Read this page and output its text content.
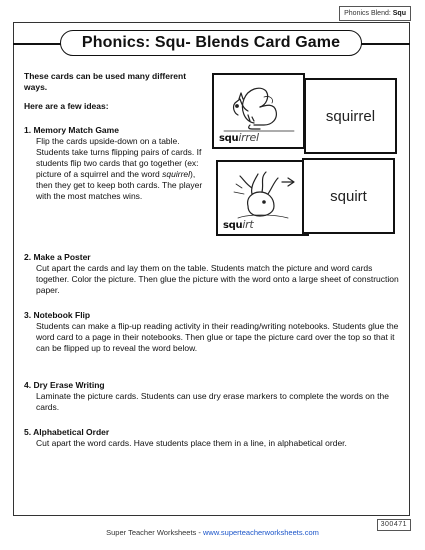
Phonics Blend: Squ
Phonics: Squ- Blends Card Game
These cards can be used many different ways.
Here are a few ideas:
1. Memory Match Game
Flip the cards upside-down on a table. Students take turns flipping pairs of cards. If students flip two cards that go together (ex: picture of a squirrel and the word squirrel), then they get to keep both cards. The player with the most matches wins.
2. Make a Poster
Cut apart the cards and lay them on the table. Students match the picture and word cards together. Color the picture. Then glue the picture with the word onto a large sheet of construction paper.
3. Notebook Flip
Students can make a flip-up reading activity in their reading/writing notebooks. Students glue the word card to a page in their notebooks. Then glue or tape the picture card over the top so that it can be flipped up to reveal the word below.
4. Dry Erase Writing
Laminate the picture cards. Students can use dry erase markers to complete the words on the cards.
5. Alphabetical Order
Cut apart the word cards. Have students place them in a line, in alphabetical order.
squirrel
squirrel
squirt
squirt
Super Teacher Worksheets - www.superteacherworksheets.com
300471
